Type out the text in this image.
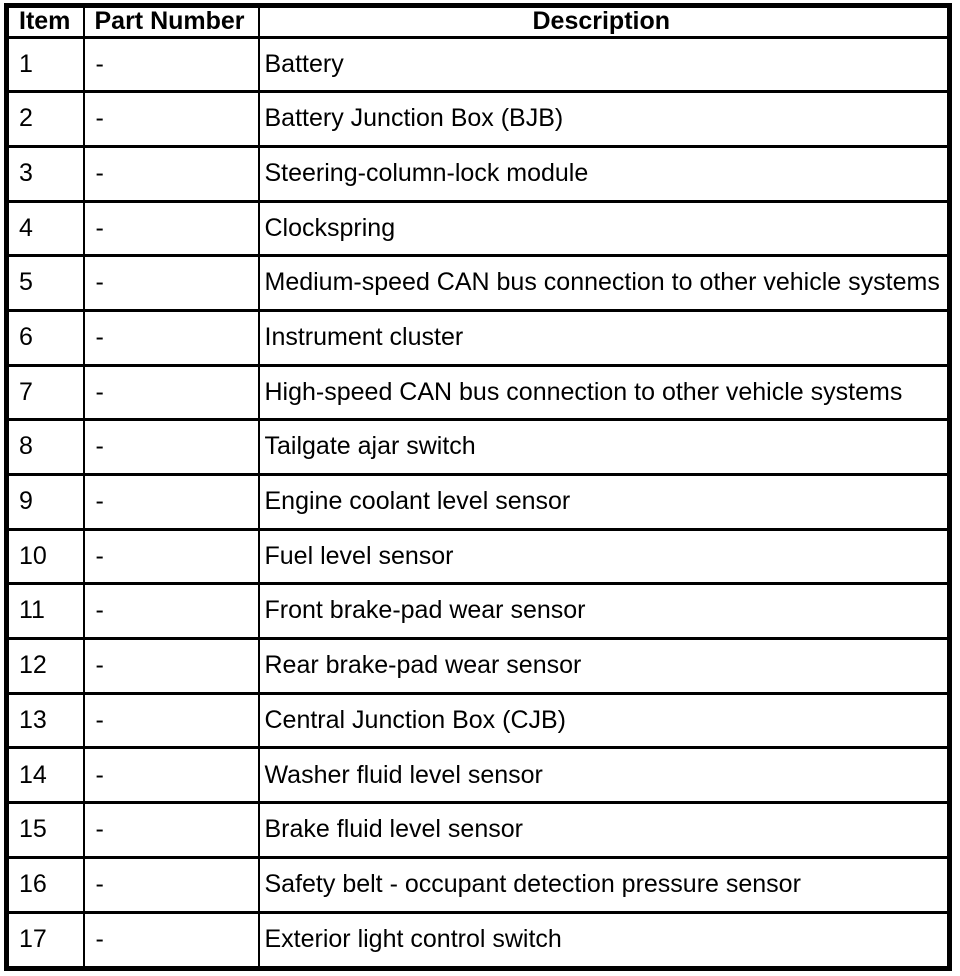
Item	Part Number	Description
1	-	Battery
2	-	Battery Junction Box (BJB)
3	-	Steering-column-lock module
4	-	Clockspring
5	-	Medium-speed CAN bus connection to other vehicle systems
6	-	Instrument cluster
7	-	High-speed CAN bus connection to other vehicle systems
8	-	Tailgate ajar switch
9	-	Engine coolant level sensor
10	-	Fuel level sensor
11	-	Front brake-pad wear sensor
12	-	Rear brake-pad wear sensor
13	-	Central Junction Box (CJB)
14	-	Washer fluid level sensor
15	-	Brake fluid level sensor
16	-	Safety belt - occupant detection pressure sensor
17	-	Exterior light control switch
